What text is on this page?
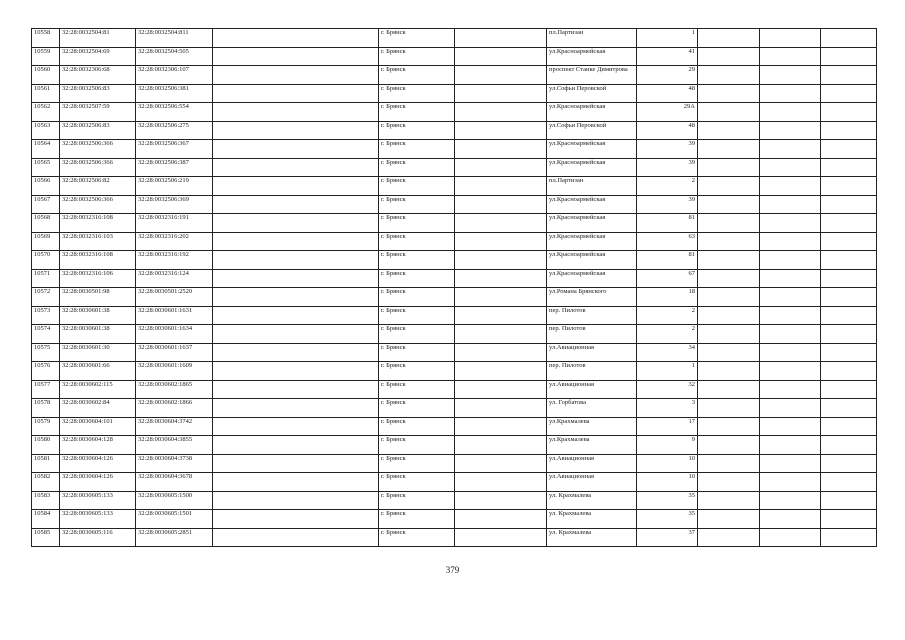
10558	32:28:0032504:81	32:28:0032504:811		г. Брянск		пл.Партизан	1			
10559	32:28:0032504:69	32:28:0032504:505		г. Брянск		ул.Красноармейская	41			
10560	32:28:0032306:68	32:28:0032306:107		г. Брянск		проспект Станке Димитрова	29			
10561	32:28:0032506:83	32:28:0032506:381		г. Брянск		ул.Софьи Перовской	48			
10562	32:28:0032507:59	32:28:0032506:554		г. Брянск		ул.Красноармейская	29А			
10563	32:28:0032506:83	32:28:0032506:275		г. Брянск		ул.Софьи Перовской	48			
10564	32:28:0032506:366	32:28:0032506:367		г. Брянск		ул.Красноармейская	39			
10565	32:28:0032506:366	32:28:0032506:387		г. Брянск		ул.Красноармейская	39			
10566	32:28:0032506:82	32:28:0032506:219		г. Брянск		пл.Партизан	2			
10567	32:28:0032506:366	32:28:0032506:369		г. Брянск		ул.Красноармейская	39			
10568	32:28:0032316:108	32:28:0032316:191		г. Брянск		ул.Красноармейская	81			
10569	32:28:0032316:103	32:28:0032316:202		г. Брянск		ул.Красноармейская	63			
10570	32:28:0032316:108	32:28:0032316:192		г. Брянск		ул.Красноармейская	81			
10571	32:28:0032316:106	32:28:0032316:124		г. Брянск		ул.Красноармейская	67			
10572	32:28:0030501:98	32:28:0030501:2520		г. Брянск		ул.Романа Брянского	18			
10573	32:28:0030601:38	32:28:0030601:1631		г. Брянск		пер. Пилотов	2			
10574	32:28:0030601:38	32:28:0030601:1634		г. Брянск		пер. Пилотов	2			
10575	32:28:0030601:30	32:28:0030601:1637		г. Брянск		ул.Авиационная	34			
10576	32:28:0030601:66	32:28:0030601:1609		г. Брянск		пер. Пилотов	1			
10577	32:28:0030602:115	32:28:0030602:1865		г. Брянск		ул.Авиационная	32			
10578	32:28:0030602:84	32:28:0030602:1866		г. Брянск		ул. Горбатова	3			
10579	32:28:0030604:101	32:28:0030604:3742		г. Брянск		ул.Крахмалева	17			
10580	32:28:0030604:128	32:28:0030604:3855		г. Брянск		ул.Крахмалева	9			
10581	32:28:0030604:126	32:28:0030604:3738		г. Брянск		ул.Авиационная	10			
10582	32:28:0030604:126	32:28:0030604:3678		г. Брянск		ул.Авиационная	10			
10583	32:28:0030605:133	32:28:0030605:1500		г. Брянск		ул. Крахмалева	35			
10584	32:28:0030605:133	32:28:0030605:1501		г. Брянск		ул. Крахмалева	35			
10585	32:28:0030605:116	32:28:0030605:2851		г. Брянск		ул. Крахмалева	37			
379
